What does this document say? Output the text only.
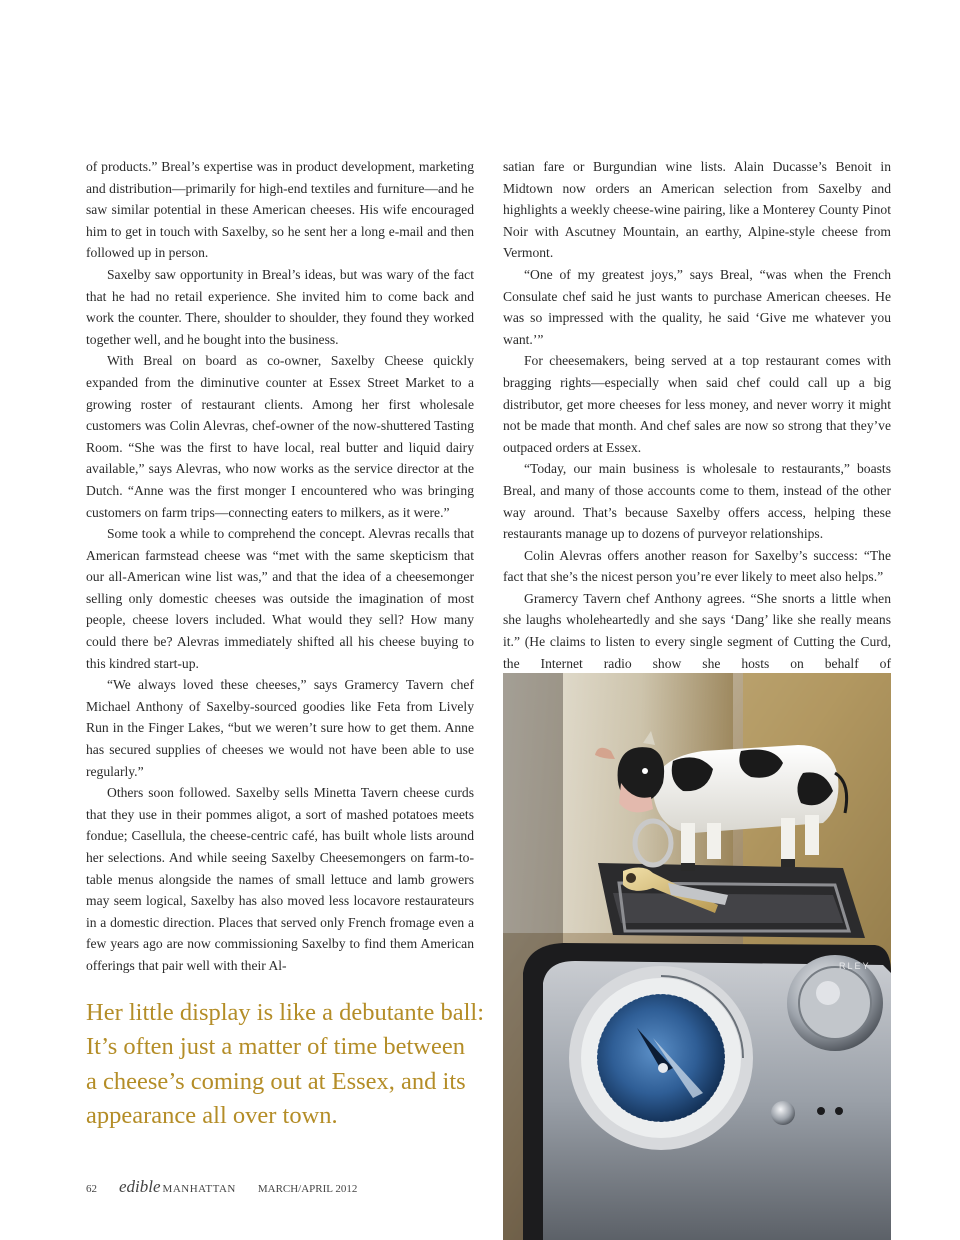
of products.” Breal’s expertise was in product development, marketing and distribution—primarily for high-end textiles and furniture—and he saw similar potential in these American cheeses. His wife encouraged him to get in touch with Saxelby, so he sent her a long e-mail and then followed up in person.

Saxelby saw opportunity in Breal’s ideas, but was wary of the fact that he had no retail experience. She invited him to come back and work the counter. There, shoulder to shoulder, they found they worked together well, and he bought into the business.

With Breal on board as co-owner, Saxelby Cheese quickly expanded from the diminutive counter at Essex Street Market to a growing roster of restaurant clients. Among her first wholesale customers was Colin Alevras, chef-owner of the now-shuttered Tasting Room. “She was the first to have local, real butter and liquid dairy available,” says Alevras, who now works as the service director at the Dutch. “Anne was the first monger I encountered who was bringing customers on farm trips—connecting eaters to milkers, as it were.”

Some took a while to comprehend the concept. Alevras recalls that American farmstead cheese was “met with the same skepticism that our all-American wine list was,” and that the idea of a cheesemonger selling only domestic cheeses was outside the imagination of most people, cheese lovers included. What would they sell? How many could there be? Alevras immediately shifted all his cheese buying to this kindred start-up.

“We always loved these cheeses,” says Gramercy Tavern chef Michael Anthony of Saxelby-sourced goodies like Feta from Lively Run in the Finger Lakes, “but we weren’t sure how to get them. Anne has secured supplies of cheeses we would not have been able to use regularly.”

Others soon followed. Saxelby sells Minetta Tavern cheese curds that they use in their pommes aligot, a sort of mashed potatoes meets fondue; Casellula, the cheese-centric café, has built whole lists around her selections. And while seeing Saxelby Cheesemongers on farm-to-table menus alongside the names of small lettuce and lamb growers may seem logical, Saxelby has also moved less locavore restaurateurs in a domestic direction. Places that served only French fromage even a few years ago are now commissioning Saxelby to find them American offerings that pair well with their Al-

satian fare or Burgundian wine lists. Alain Ducasse’s Benoit in Midtown now orders an American selection from Saxelby and highlights a weekly cheese-wine pairing, like a Monterey County Pinot Noir with Ascutney Mountain, an earthy, Alpine-style cheese from Vermont.

“One of my greatest joys,” says Breal, “was when the French Consulate chef said he just wants to purchase American cheeses. He was so impressed with the quality, he said ‘Give me whatever you want.’”

For cheesemakers, being served at a top restaurant comes with bragging rights—especially when said chef could call up a big distributor, get more cheeses for less money, and never worry it might not be made that month. And chef sales are now so strong that they’ve outpaced orders at Essex.

“Today, our main business is wholesale to restaurants,” boasts Breal, and many of those accounts come to them, instead of the other way around. That’s because Saxelby offers access, helping these restaurants manage up to dozens of purveyor relationships.

Colin Alevras offers another reason for Saxelby’s success: “The fact that she’s the nicest person you’re ever likely to meet also helps.”

Gramercy Tavern chef Anthony agrees. “She snorts a little when she laughs wholeheartedly and she says ‘Dang’ like she really means it.” (He claims to listen to every single segment of Cutting the Curd, the Internet radio show she hosts on behalf of

Her little display is like a debutante ball:
It’s often just a matter of time between
a cheese’s coming out at Essex, and its
appearance all over town.
62 edible MANHATTAN MARCH/APRIL 2012
RLEY
